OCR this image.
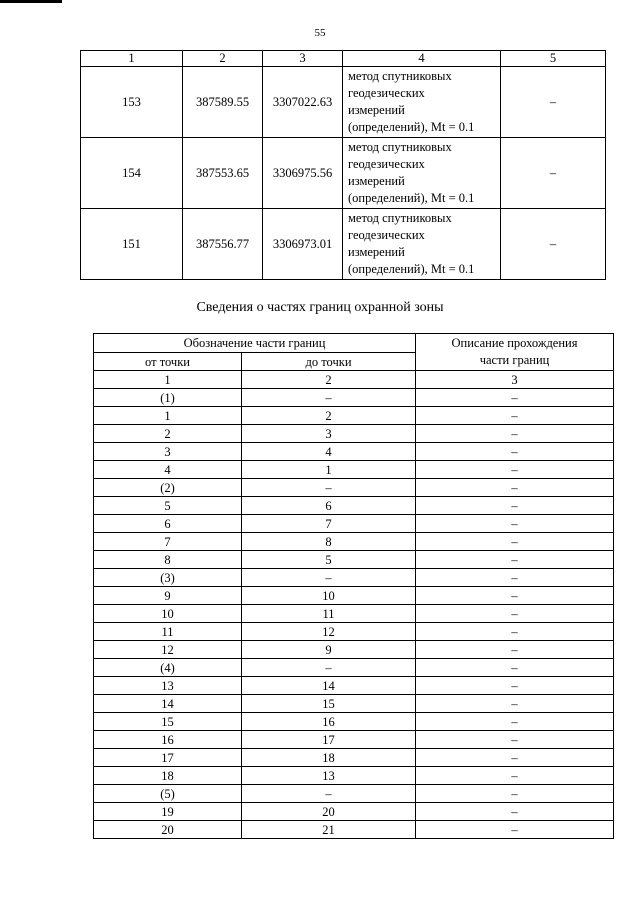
55
1	2	3	4	5
153	387589.55	3307022.63	метод спутниковых
геодезических
измерений
(определений), Mt = 0.1	–
154	387553.65	3306975.56	метод спутниковых
геодезических
измерений
(определений), Mt = 0.1	–
151	387556.77	3306973.01	метод спутниковых
геодезических
измерений
(определений), Mt = 0.1	–
Сведения о частях границ охранной зоны
Обозначение части границ		Описание прохождения
части границ

от точки	до точки	
1	2	3
(1)	–	–
1	2	–
2	3	–
3	4	–
4	1	–
(2)	–	–
5	6	–
6	7	–
7	8	–
8	5	–
(3)	–	–
9	10	–
10	11	–
11	12	–
12	9	–
(4)	–	–
13	14	–
14	15	–
15	16	–
16	17	–
17	18	–
18	13	–
(5)	–	–
19	20	–
20	21	–
